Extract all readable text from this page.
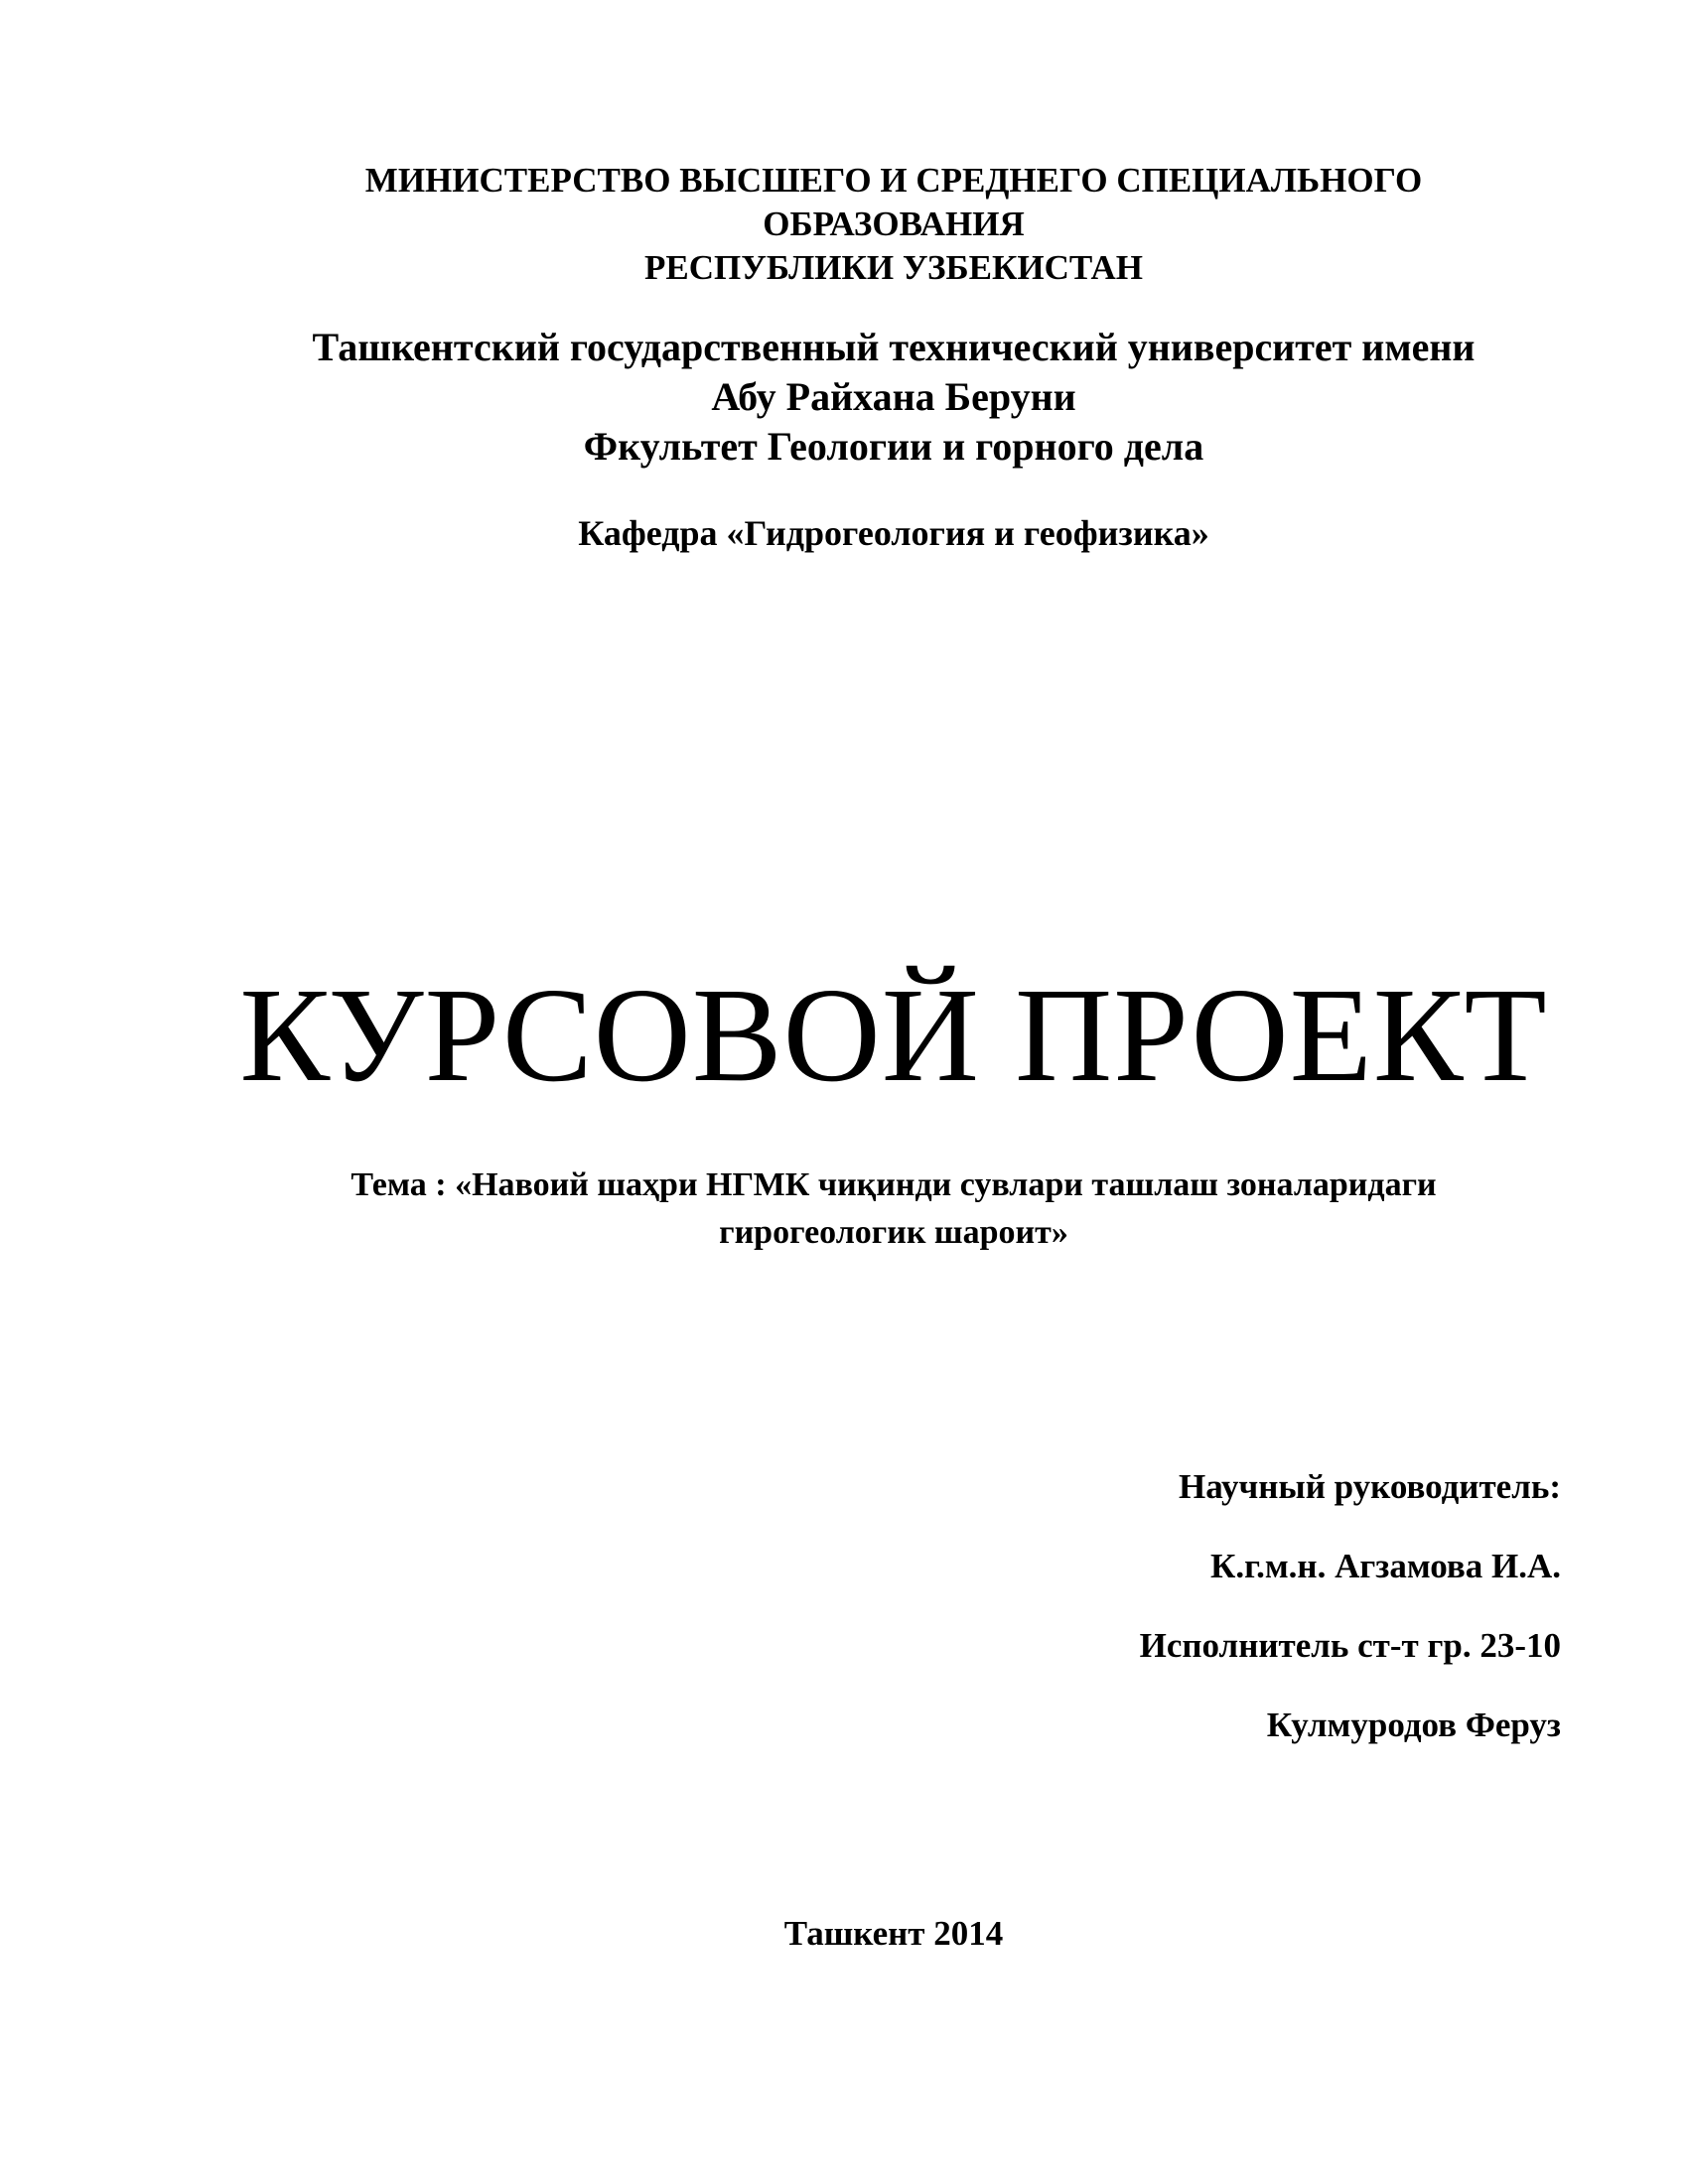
МИНИСТЕРСТВО ВЫСШЕГО И СРЕДНЕГО СПЕЦИАЛЬНОГО
ОБРАЗОВАНИЯ
РЕСПУБЛИКИ УЗБЕКИСТАН
Ташкентский государственный технический университет имени
Абу Райхана Беруни
Фкультет Геологии и горного дела
Кафедра «Гидрогеология и геофизика»
КУРСОВОЙ ПРОЕКТ
Тема : «Навоий шаҳри НГМК чиқинди сувлари ташлаш зоналаридаги
гирогеологик шароит»
Научный руководитель:
К.г.м.н. Агзамова И.А.
Исполнитель ст-т гр. 23-10
Кулмуродов Феруз
Ташкент 2014
